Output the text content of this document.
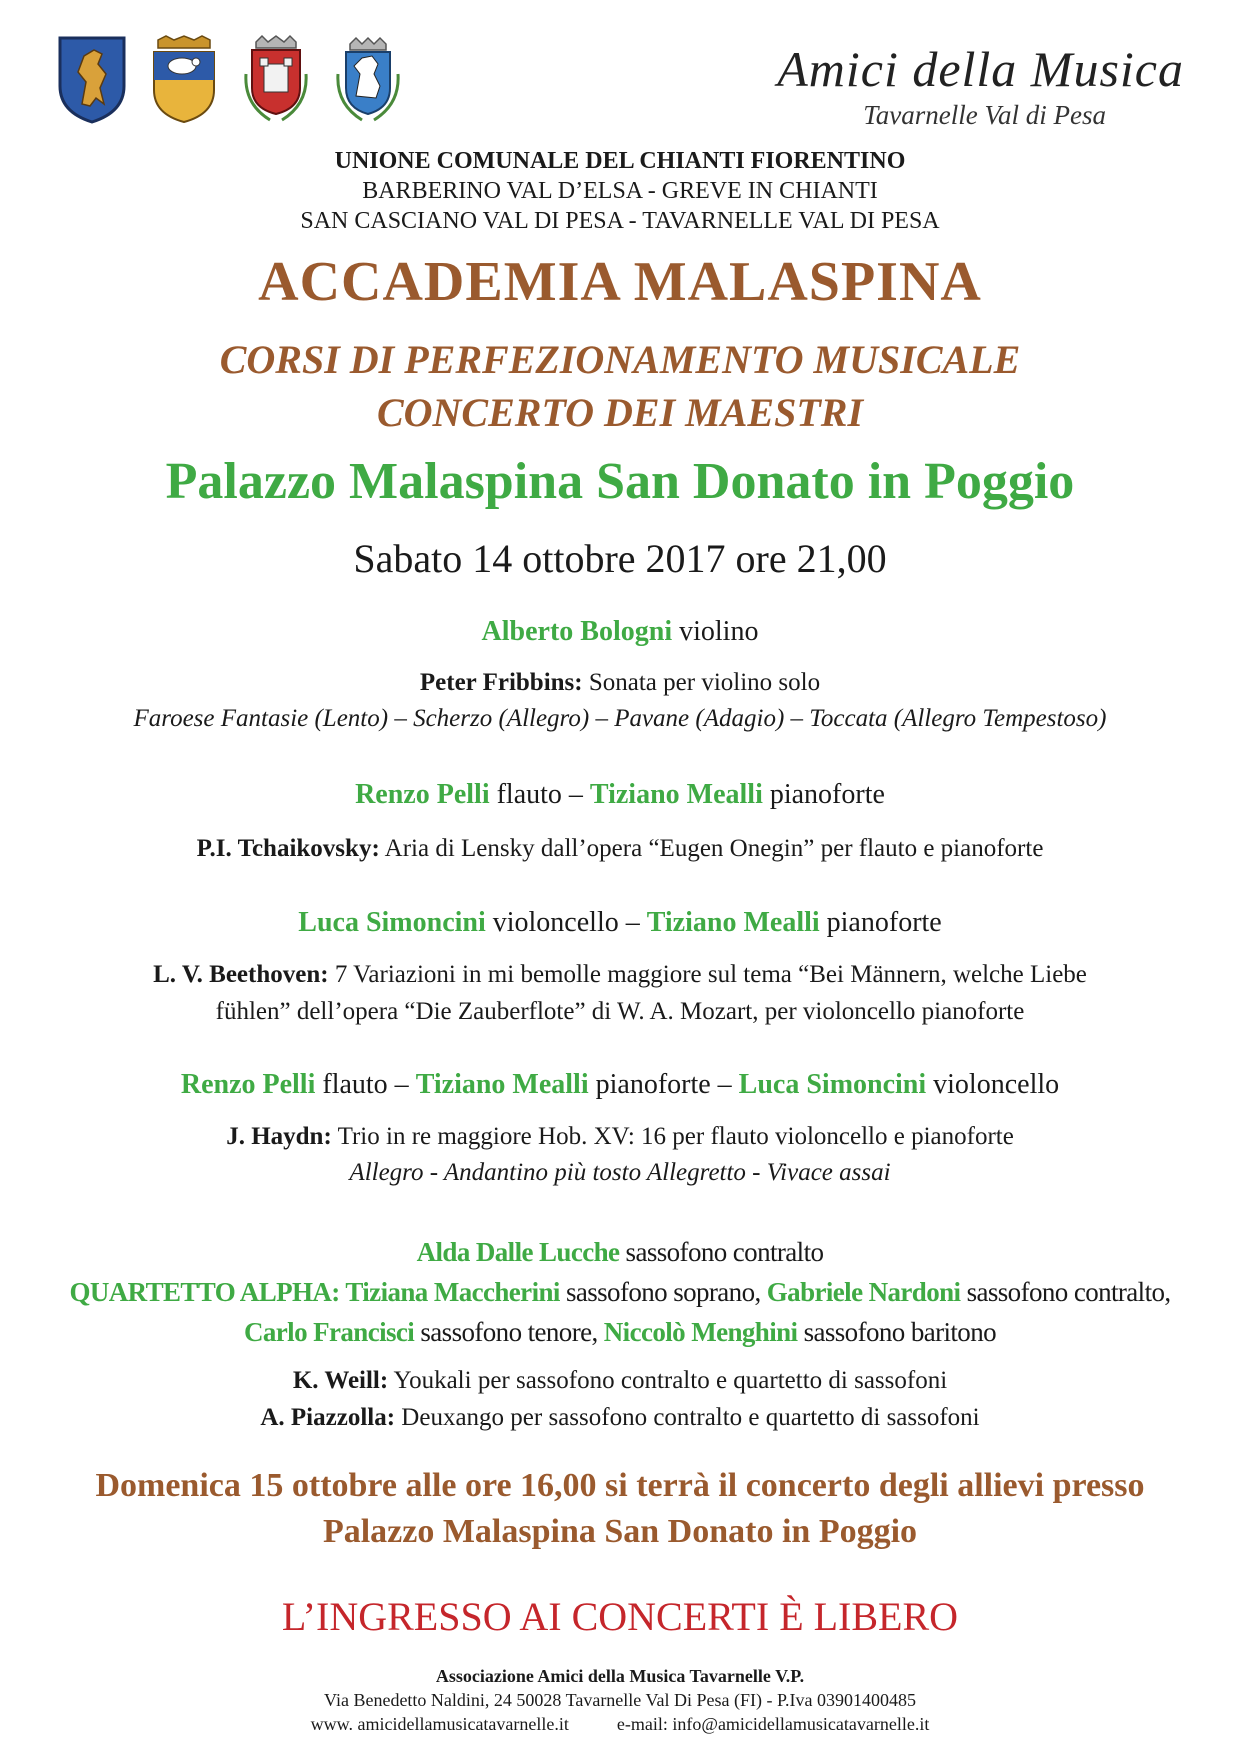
Amici della Musica
Tavarnelle Val di Pesa
UNIONE COMUNALE DEL CHIANTI FIORENTINO
BARBERINO VAL D’ELSA - GREVE IN CHIANTI
SAN CASCIANO VAL DI PESA - TAVARNELLE VAL DI PESA
ACCADEMIA MALASPINA
CORSI DI PERFEZIONAMENTO MUSICALE
CONCERTO DEI MAESTRI
Palazzo Malaspina San Donato in Poggio
Sabato 14 ottobre 2017 ore 21,00
Alberto Bologni violino
Peter Fribbins: Sonata per violino solo
Faroese Fantasie (Lento) – Scherzo (Allegro) – Pavane (Adagio) – Toccata (Allegro Tempestoso)
Renzo Pelli flauto – Tiziano Mealli pianoforte
P.I. Tchaikovsky: Aria di Lensky dall’opera “Eugen Onegin” per flauto e pianoforte
Luca Simoncini violoncello – Tiziano Mealli pianoforte
L. V. Beethoven: 7 Variazioni in mi bemolle maggiore sul tema “Bei Männern, welche Liebe
fühlen” dell’opera “Die Zauberflote” di W. A. Mozart, per violoncello pianoforte
Renzo Pelli flauto – Tiziano Mealli pianoforte – Luca Simoncini violoncello
J. Haydn: Trio in re maggiore Hob. XV: 16 per flauto violoncello e pianoforte
Allegro - Andantino più tosto Allegretto - Vivace assai
Alda Dalle Lucche sassofono contralto
QUARTETTO ALPHA: Tiziana Maccherini sassofono soprano, Gabriele Nardoni sassofono contralto,
Carlo Francisci sassofono tenore, Niccolò Menghini sassofono baritono
K. Weill: Youkali per sassofono contralto e quartetto di sassofoni
A. Piazzolla: Deuxango per sassofono contralto e quartetto di sassofoni
Domenica 15 ottobre alle ore 16,00 si terrà il concerto degli allievi presso
Palazzo Malaspina San Donato in Poggio
L’INGRESSO AI CONCERTI È LIBERO
Associazione Amici della Musica Tavarnelle V.P.
Via Benedetto Naldini, 24 50028 Tavarnelle Val Di Pesa (FI) - P.Iva 03901400485
www. amicidellamusicatavarnelle.it	e-mail: info@amicidellamusicatavarnelle.it
